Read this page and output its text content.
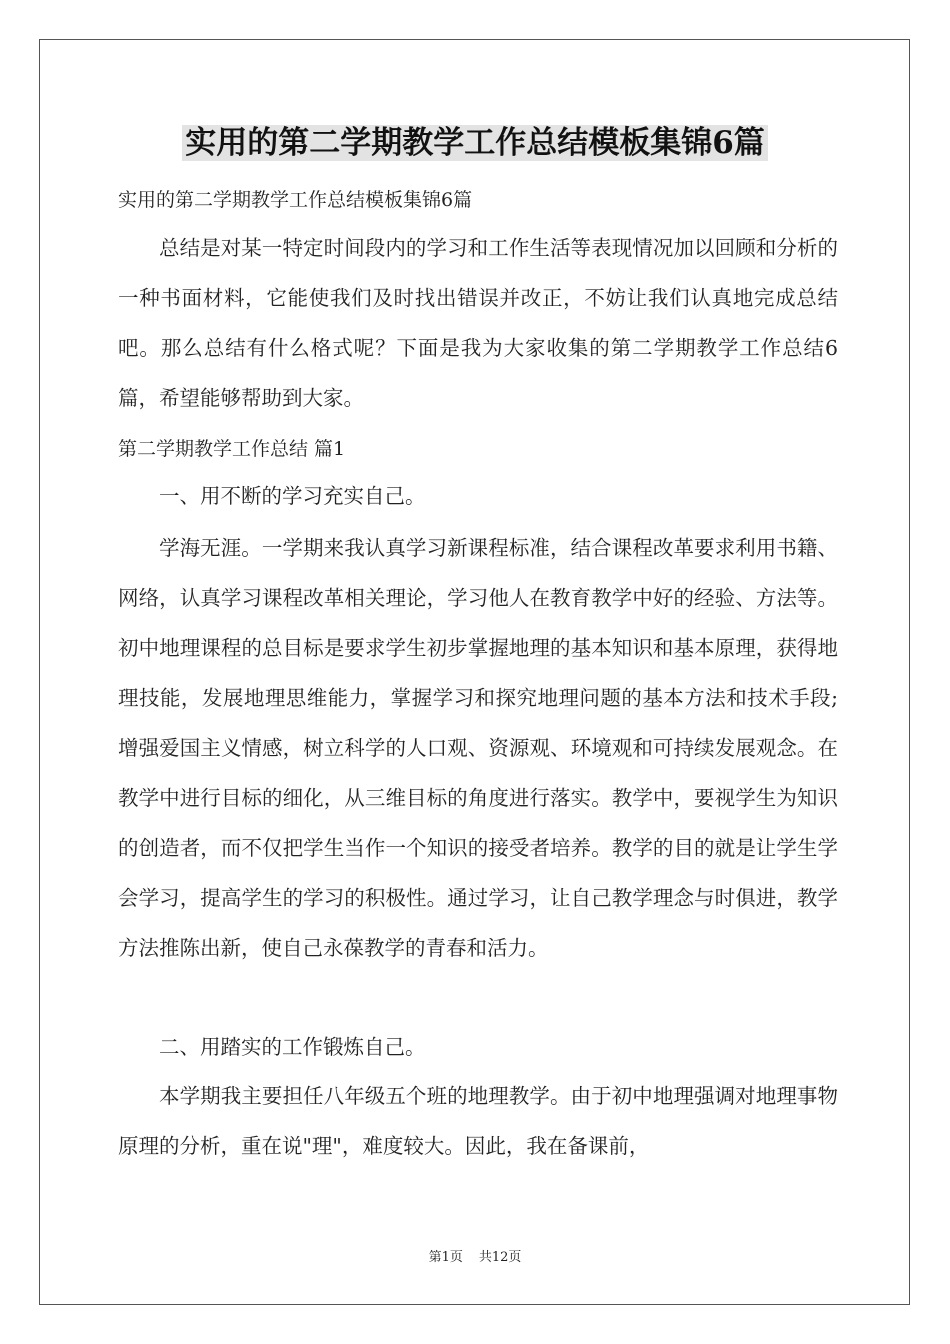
实用的第二学期教学工作总结模板集锦6篇
实用的第二学期教学工作总结模板集锦6篇

总结是对某一特定时间段内的学习和工作生活等表现情况加以回顾和分析的一种书面材料，它能使我们及时找出错误并改正，不妨让我们认真地完成总结吧。那么总结有什么格式呢？下面是我为大家收集的第二学期教学工作总结6篇，希望能够帮助到大家。

第二学期教学工作总结 篇1

一、用不断的学习充实自己。

学海无涯。一学期来我认真学习新课程标准，结合课程改革要求利用书籍、网络，认真学习课程改革相关理论，学习他人在教育教学中好的经验、方法等。初中地理课程的总目标是要求学生初步掌握地理的基本知识和基本原理，获得地理技能，发展地理思维能力，掌握学习和探究地理问题的基本方法和技术手段;增强爱国主义情感，树立科学的人口观、资源观、环境观和可持续发展观念。在教学中进行目标的细化，从三维目标的角度进行落实。教学中，要视学生为知识的创造者，而不仅把学生当作一个知识的接受者培养。教学的目的就是让学生学会学习，提高学生的学习的积极性。通过学习，让自己教学理念与时俱进，教学方法推陈出新，使自己永葆教学的青春和活力。

二、用踏实的工作锻炼自己。

本学期我主要担任八年级五个班的地理教学。由于初中地理强调对地理事物原理的分析，重在说"理"，难度较大。因此，我在备课前，

第1页 共12页
